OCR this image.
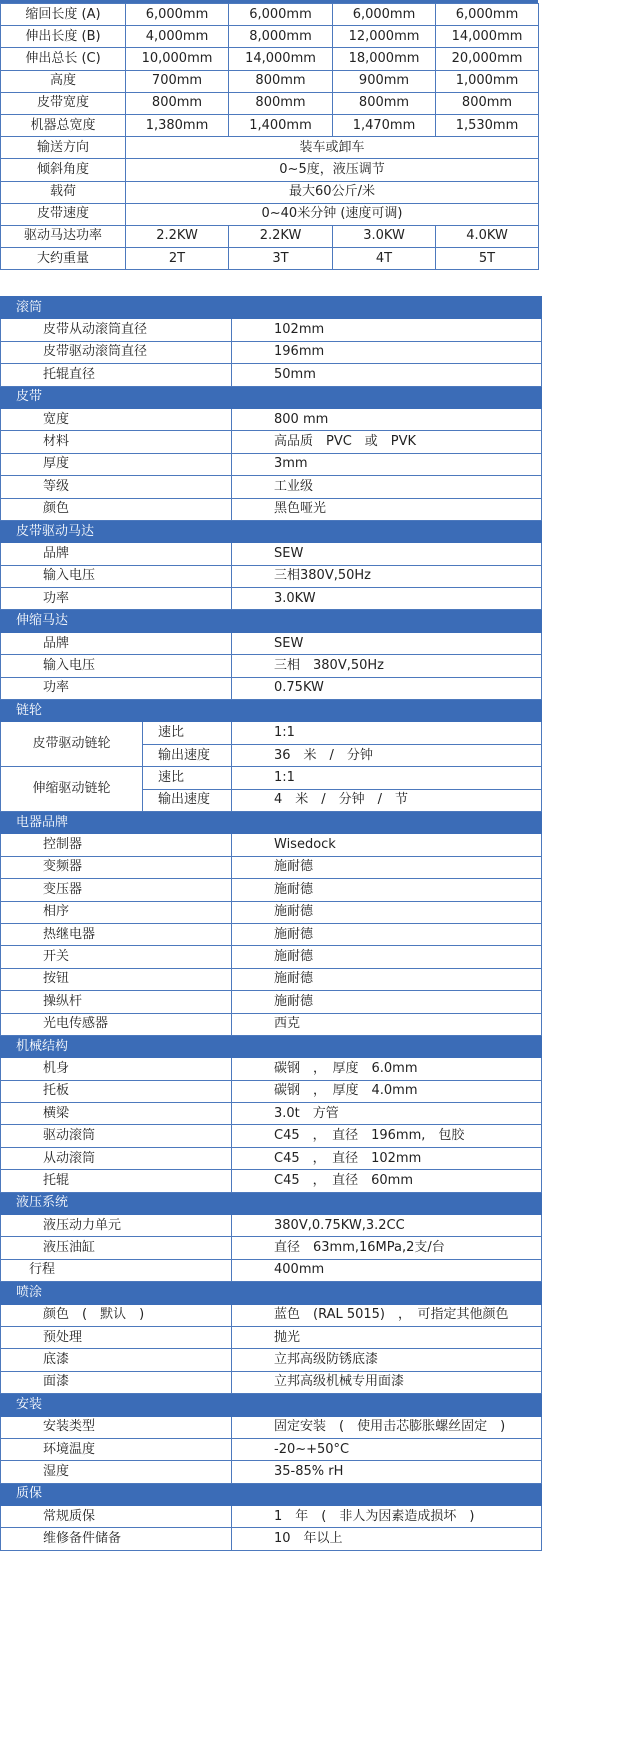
缩回长度 (A)	6,000mm	6,000mm	6,000mm	6,000mm
伸出长度 (B)	4,000mm	8,000mm	12,000mm	14,000mm
伸出总长 (C)	10,000mm	14,000mm	18,000mm	20,000mm
高度	700mm	800mm	900mm	1,000mm
皮带宽度	800mm	800mm	800mm	800mm
机器总宽度	1,380mm	1,400mm	1,470mm	1,530mm
输送方向	装车或卸车			
倾斜角度	0~5度，液压调节			
载荷	最大60公斤/米			
皮带速度	0~40米分钟 (速度可调)			
驱动马达功率	2.2KW	2.2KW	3.0KW	4.0KW
大约重量	2T	3T	4T	5T
滚筒		
皮带从动滚筒直径		102mm
皮带驱动滚筒直径		196mm
托辊直径		50mm
皮带		
宽度		800 mm
材料		高品质　PVC　或　PVK
厚度		3mm
等级		工业级
颜色		黑色哑光
皮带驱动马达		
品牌		SEW
输入电压		三相380V,50Hz
功率		3.0KW
伸缩马达		
品牌		SEW
输入电压		三相　380V,50Hz
功率		0.75KW
链轮		
皮带驱动链轮	速比	1:1
	输出速度	36　米　/　分钟
伸缩驱动链轮	速比	1:1
	输出速度	4　米　/　分钟　/　节
电器品牌		
控制器		Wisedock
变频器		施耐德
变压器		施耐德
相序		施耐德
热继电器		施耐德
开关		施耐德
按钮		施耐德
操纵杆		施耐德
光电传感器		西克
机械结构		
机身		碳钢　，　厚度　6.0mm
托板		碳钢　，　厚度　4.0mm
横梁		3.0t　方管
驱动滚筒		C45　，　直径　196mm,　包胶
从动滚筒		C45　，　直径　102mm
托辊		C45　，　直径　60mm
液压系统		
液压动力单元		380V,0.75KW,3.2CC
液压油缸		直径　63mm,16MPa,2支/台
行程		400mm
喷涂		
颜色　(　默认　)		蓝色　(RAL 5015)　，　可指定其他颜色
预处理		抛光
底漆		立邦高级防锈底漆
面漆		立邦高级机械专用面漆
安装		
安装类型		固定安装　(　使用击芯膨胀螺丝固定　)
环境温度		-20~+50°C
湿度		35-85% rH
质保		
常规质保		1　年　(　非人为因素造成损坏　)
维修备件储备		10　年以上
